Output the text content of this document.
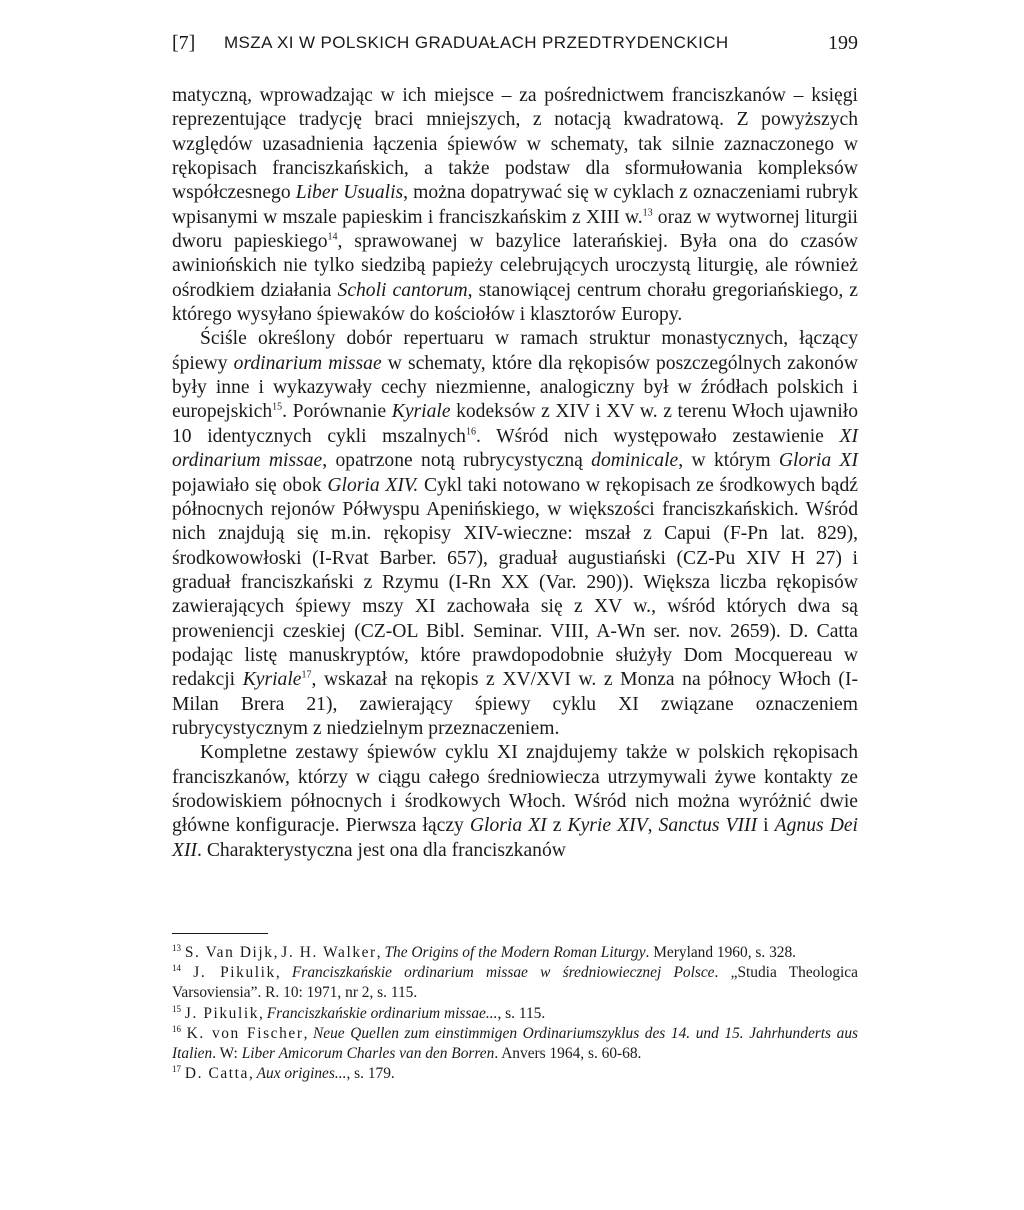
[7] MSZA XI W POLSKICH GRADUAŁACH PRZEDTRYDENCKICH	199

matyczną, wprowadzając w ich miejsce – za pośrednictwem franciszkanów – księgi reprezentujące tradycję braci mniejszych, z notacją kwadratową. Z powyższych względów uzasadnienia łączenia śpiewów w schematy, tak silnie zaznaczonego w rękopisach franciszkańskich, a także podstaw dla sformułowania kompleksów współczesnego Liber Usualis, można dopatrywać się w cyklach z oznaczeniami rubryk wpisanymi w mszale papieskim i franciszkańskim z XIII w.$^{13}$ oraz w wytwornej liturgii dworu papieskiego$^{14}$, sprawowanej w bazylice laterańskiej. Była ona do czasów awiniońskich nie tylko siedzibą papieży celebrujących uroczystą liturgię, ale również ośrodkiem działania Scholi cantorum, stanowiącej centrum chorału gregoriańskiego, z którego wysyłano śpiewaków do kościołów i klasztorów Europy.

Ściśle określony dobór repertuaru w ramach struktur monastycznych, łączący śpiewy ordinarium missae w schematy, które dla rękopisów poszczególnych zakonów były inne i wykazywały cechy niezmienne, analogiczny był w źródłach polskich i europejskich$^{15}$. Porównanie Kyriale kodeksów z XIV i XV w. z terenu Włoch ujawniło 10 identycznych cykli mszalnych$^{16}$. Wśród nich występowało zestawienie XI ordinarium missae, opatrzone notą rubrycystyczną dominicale, w którym Gloria XI pojawiało się obok Gloria XIV. Cykl taki notowano w rękopisach ze środkowych bądź północnych rejonów Półwyspu Apenińskiego, w większości franciszkańskich. Wśród nich znajdują się m.in. rękopisy XIV-wieczne: mszał z Capui (F-Pn lat. 829), środkowowłoski (I-Rvat Barber. 657), graduał augustiański (CZ-Pu XIV H 27) i graduał franciszkański z Rzymu (I-Rn XX (Var. 290)). Większa liczba rękopisów zawierających śpiewy mszy XI zachowała się z XV w., wśród których dwa są proweniencji czeskiej (CZ-OL Bibl. Seminar. VIII, A-Wn ser. nov. 2659). D. Catta podając listę manuskryptów, które prawdopodobnie służyły Dom Mocquereau w redakcji Kyriale$^{17}$, wskazał na rękopis z XV/XVI w. z Monza na północy Włoch (I-Milan Brera 21), zawierający śpiewy cyklu XI związane oznaczeniem rubrycystycznym z niedzielnym przeznaczeniem.

Kompletne zestawy śpiewów cyklu XI znajdujemy także w polskich rękopisach franciszkanów, którzy w ciągu całego średniowiecza utrzymywali żywe kontakty ze środowiskiem północnych i środkowych Włoch. Wśród nich można wyróżnić dwie główne konfiguracje. Pierwsza łączy Gloria XI z Kyrie XIV, Sanctus VIII i Agnus Dei XII. Charakterystyczna jest ona dla franciszkanów

$^{13}$ S. Van Dijk, J. H. Walker, The Origins of the Modern Roman Liturgy. Meryland 1960, s. 328.

$^{14}$ J. Pikulik, Franciszkańskie ordinarium missae w średniowiecznej Polsce. „Studia Theologica Varsoviensia”. R. 10: 1971, nr 2, s. 115.

$^{15}$ J. Pikulik, Franciszkańskie ordinarium missae..., s. 115.

$^{16}$ K. von Fischer, Neue Quellen zum einstimmigen Ordinariumszyklus des 14. und 15. Jahrhunderts aus Italien. W: Liber Amicorum Charles van den Borren. Anvers 1964, s. 60-68.

$^{17}$ D. Catta, Aux origines..., s. 179.
